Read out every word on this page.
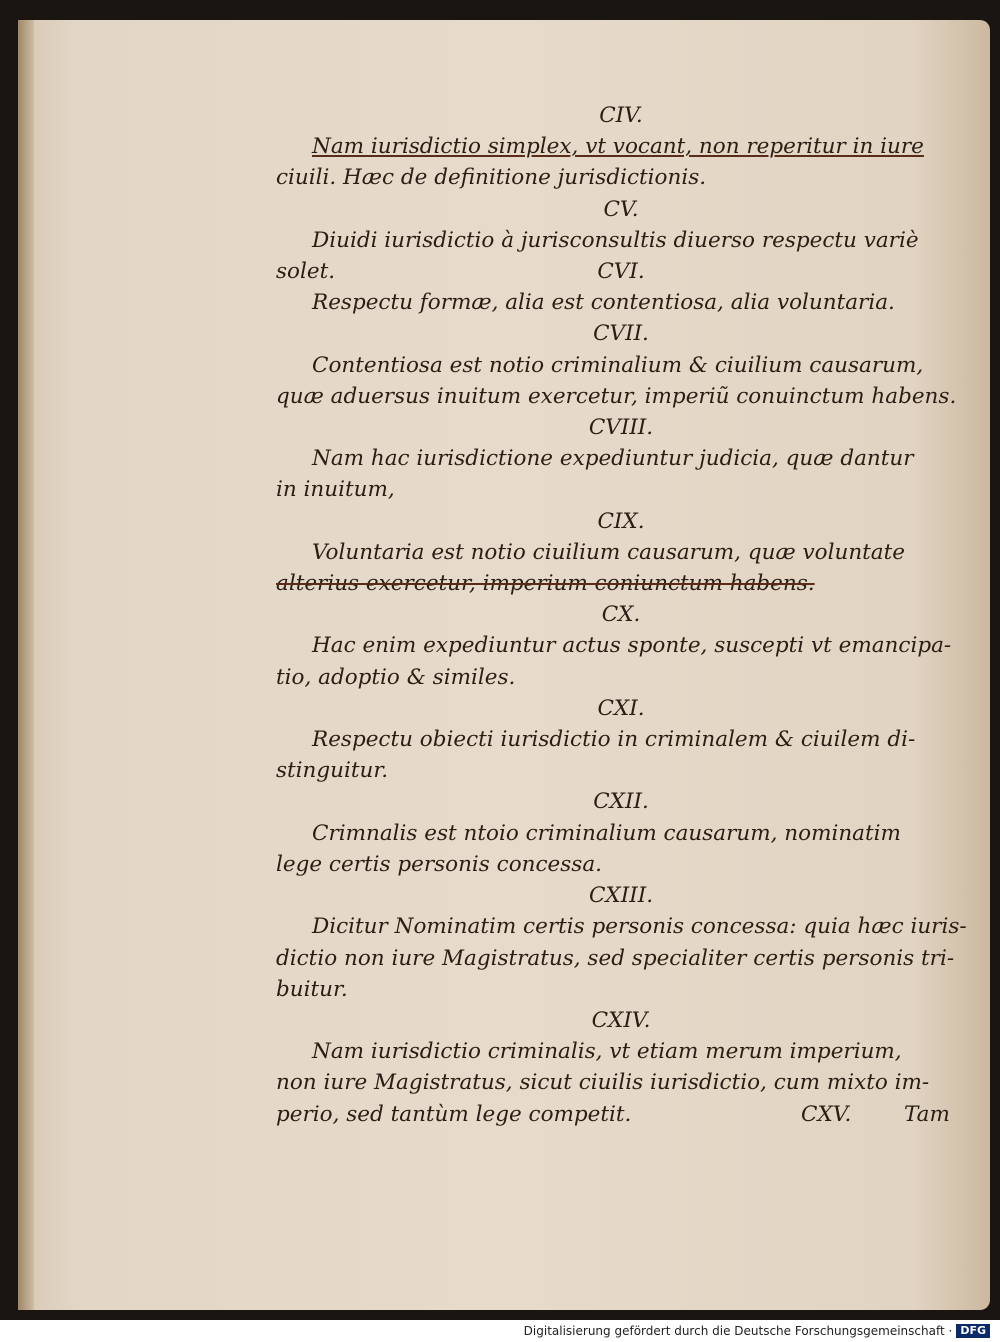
CIV.
Nam iurisdictio simplex, vt vocant, non reperitur in iure
ciuili. Hæc de definitione jurisdictionis.
CV.
Diuidi iurisdictio à jurisconsultis diuerso respectu variè
solet.	CVI.
Respectu formæ, alia est contentiosa, alia voluntaria.
CVII.
Contentiosa est notio criminalium & ciuilium causarum,
quæ aduersus inuitum exercetur, imperiũ conuinctum habens.
CVIII.
Nam hac iurisdictione expediuntur judicia, quæ dantur
in inuitum,
CIX.
Voluntaria est notio ciuilium causarum, quæ voluntate
alterius exercetur, imperium coniunctum habens.
CX.
Hac enim expediuntur actus sponte, suscepti vt emancipa-
tio, adoptio & similes.
CXI.
Respectu obiecti iurisdictio in criminalem & ciuilem di-
stinguitur.
CXII.
Crimnalis est ntoio criminalium causarum, nominatim
lege certis personis concessa.
CXIII.
Dicitur Nominatim certis personis concessa: quia hæc iuris-
dictio non iure Magistratus, sed specialiter certis personis tri-
buitur.
CXIV.
Nam iurisdictio criminalis, vt etiam merum imperium,
non iure Magistratus, sicut ciuilis iurisdictio, cum mixto im-
perio, sed tantùm lege competit.	CXV. Tam
Digitalisierung gefördert durch die Deutsche Forschungsgemeinschaft · DFG
